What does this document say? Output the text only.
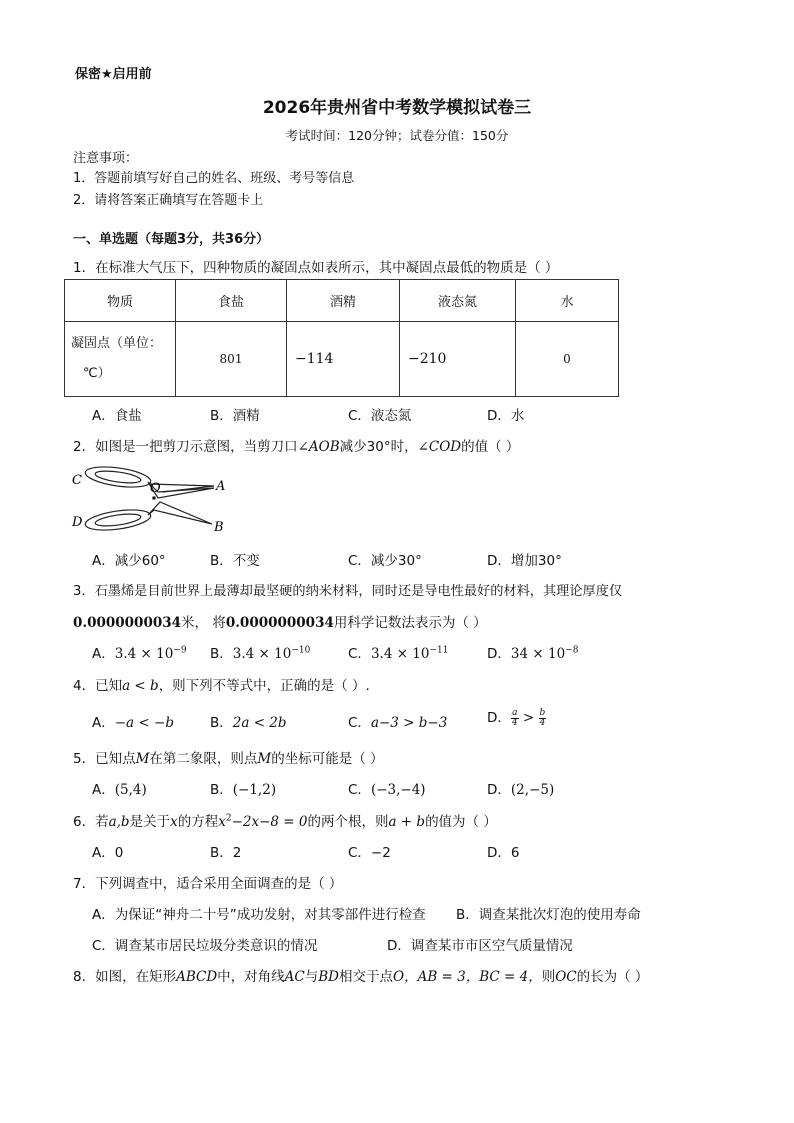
保密★启用前
2026年贵州省中考数学模拟试卷三
考试时间：120分钟；试卷分值：150分
注意事项：
1．答题前填写好自己的姓名、班级、考号等信息
2．请将答案正确填写在答题卡上
一、单选题（每题3分，共36分）
1．在标准大气压下，四种物质的凝固点如表所示，其中凝固点最低的物质是（ ）
物质	食盐	酒精	液态氮	水
凝固点（单位：
℃）	801	−114	−210	0
A．食盐	B．酒精	C．液态氮	D．水
2．如图是一把剪刀示意图，当剪刀口∠AOB减少30°时，∠COD的值（ ）
C
D
O	A
B
A．减少60°	B．不变	C．减少30°	D．增加30°
3．石墨烯是目前世界上最薄却最坚硬的纳米材料，同时还是导电性最好的材料，其理论厚度仅
0.0000000034米， 将0.0000000034用科学记数法表示为（ ）
A．$3.4 \times 10^{-9}$ B．$3.4 \times 10^{-10}$	C．$3.4 \times 10^{-11}$	D．$34 \times 10^{-8}$
4．已知a < b，则下列不等式中，正确的是（ ）.
A．−a < −b	B．2a < 2b	C．a−3 > b−3	D． $\frac{a}{4} > \frac{b}{4}$
5．已知点M在第二象限，则点M的坐标可能是（ ）
A．(5,4)	B．(−1,2)	C．(−3,−4)	D．(2,−5)
6．若a,b是关于x的方程$x^2-2x-8 = 0$的两个根，则a + b的值为（ ）
A．0	B．2	C．−2	D．6
7．下列调查中，适合采用全面调查的是（ ）
A．为保证“神舟二十号”成功发射，对其零部件进行检查 B．调查某批次灯泡的使用寿命
C．调查某市居民垃圾分类意识的情况	D．调查某市市区空气质量情况
8．如图，在矩形ABCD中，对角线AC与BD相交于点O，AB = 3，BC = 4，则OC的长为（ ）
